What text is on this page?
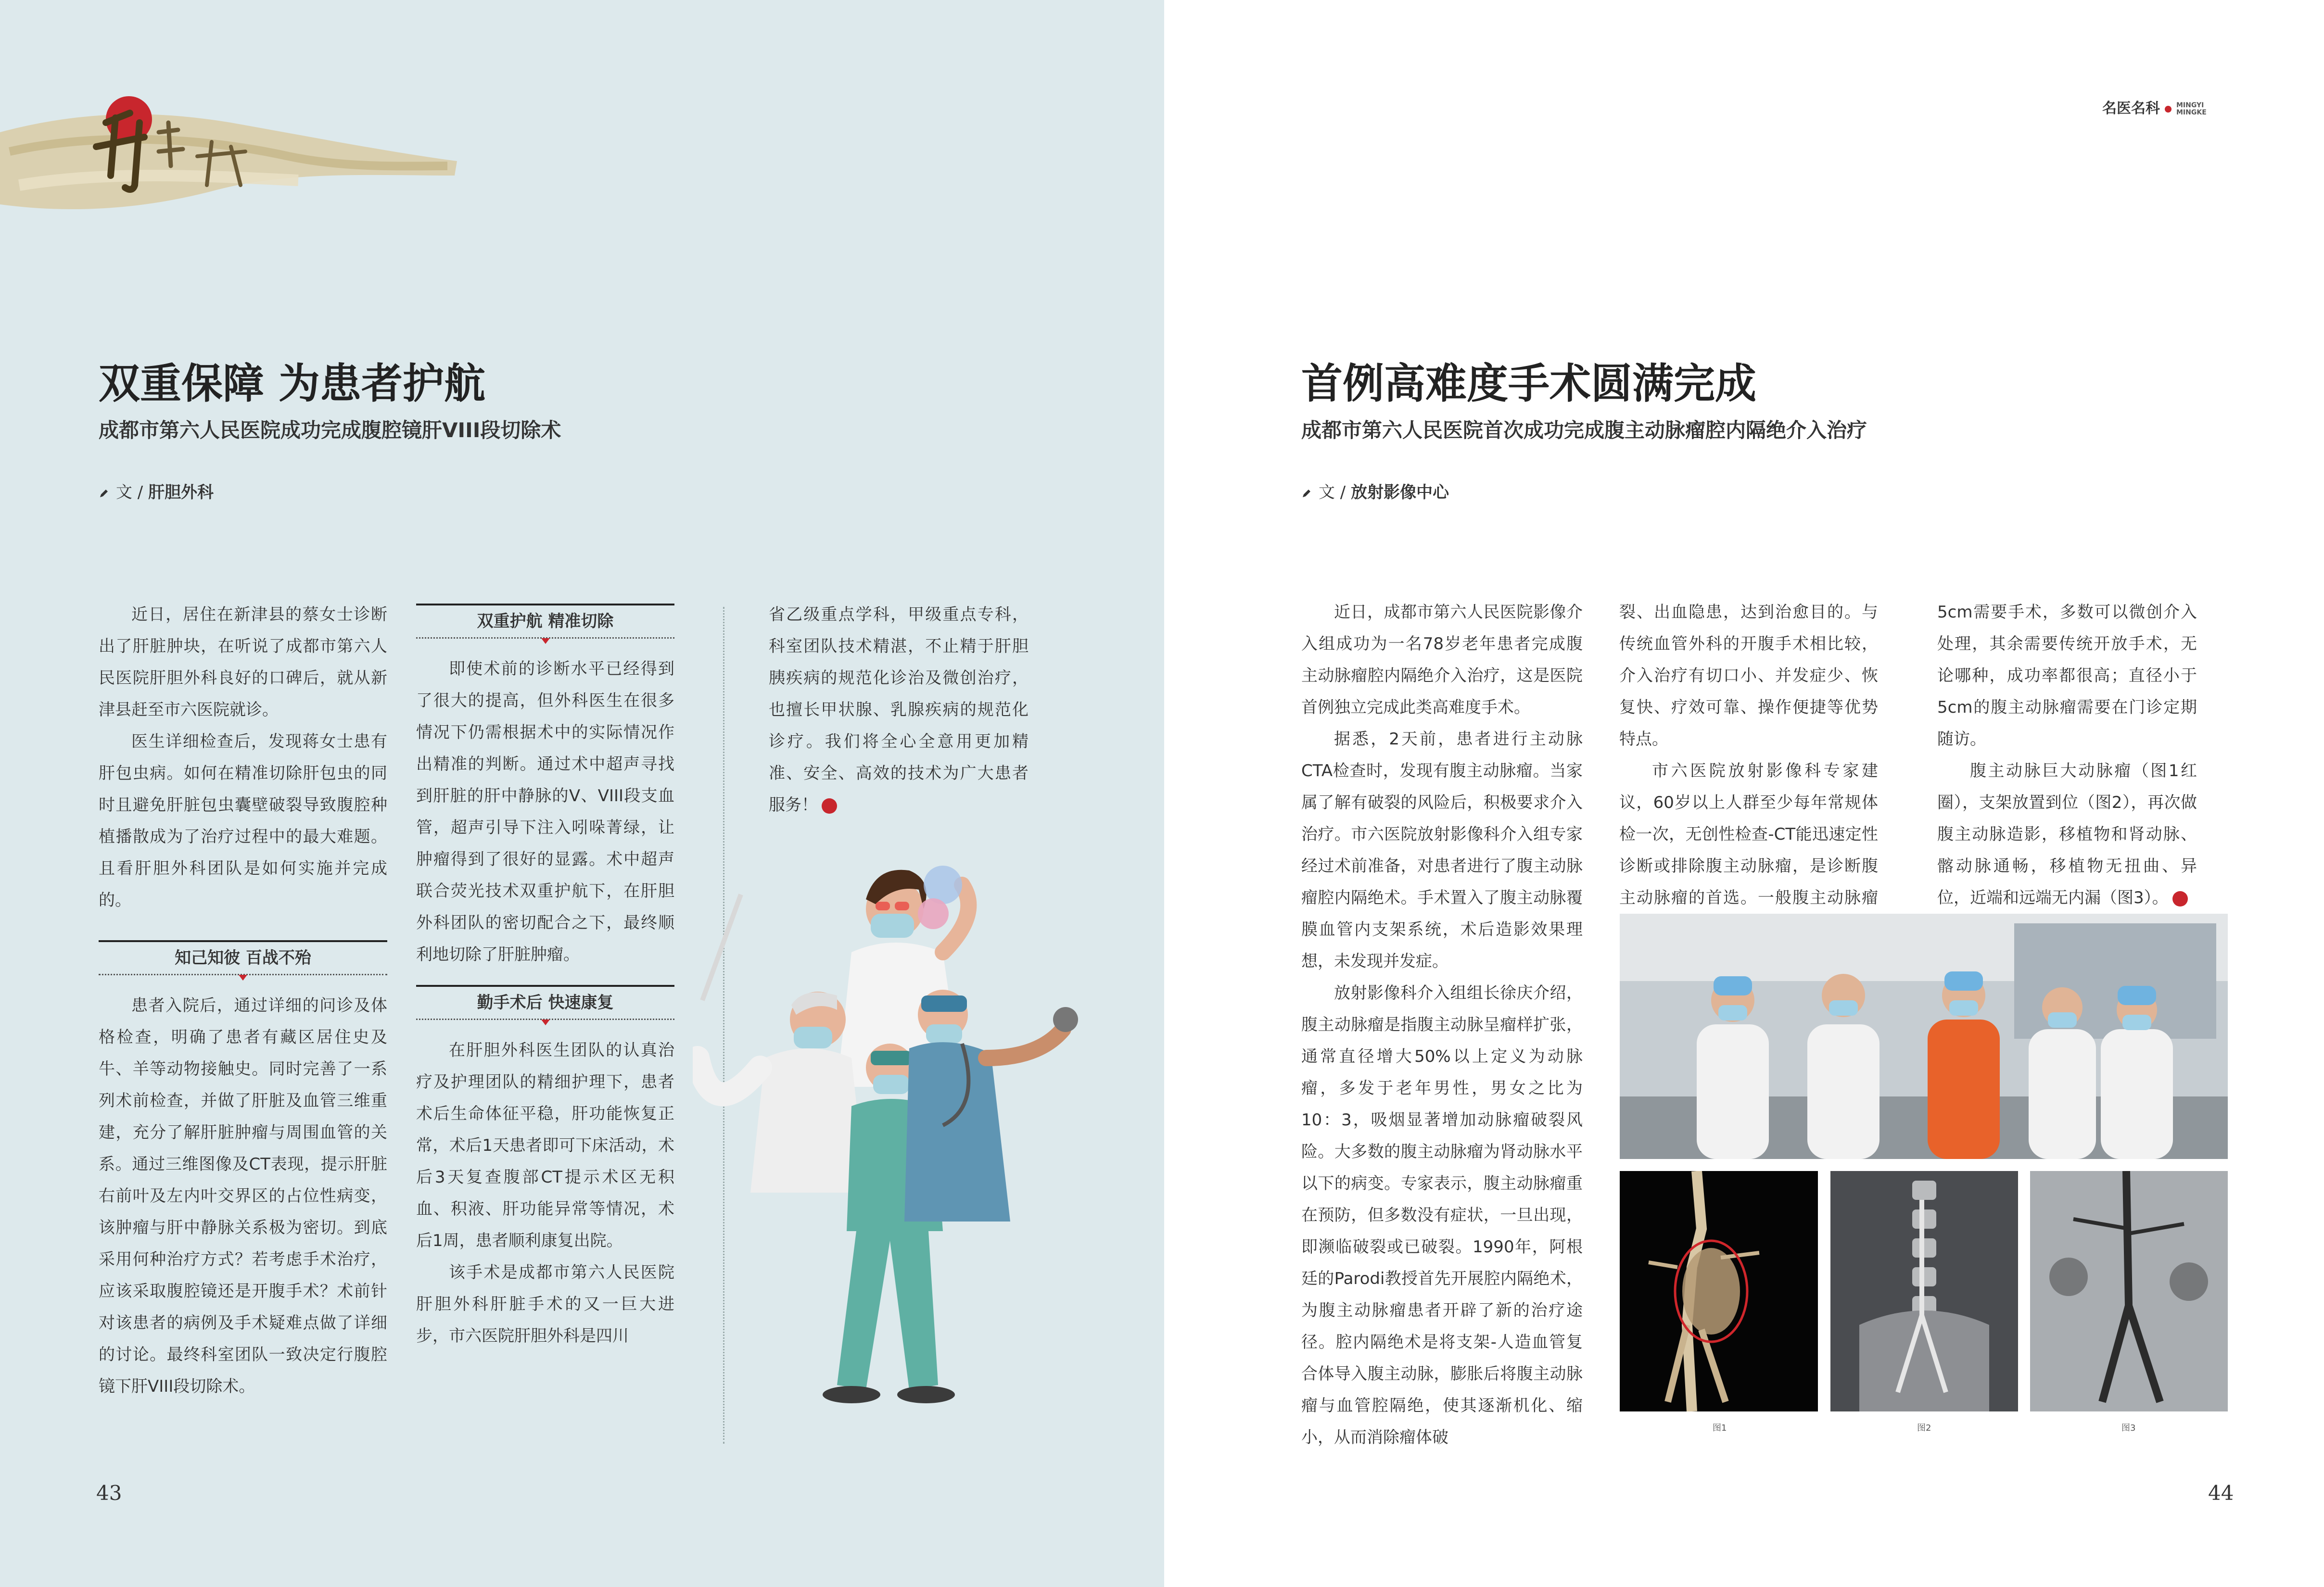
双重保障 为患者护航
成都市第六人民医院成功完成腹腔镜肝VIII段切除术
文 / 肝胆外科

近日，居住在新津县的蔡女士诊断出了肝脏肿块，在听说了成都市第六人民医院肝胆外科良好的口碑后，就从新津县赶至市六医院就诊。

医生详细检查后，发现蒋女士患有肝包虫病。如何在精准切除肝包虫的同时且避免肝脏包虫囊壁破裂导致腹腔种植播散成为了治疗过程中的最大难题。且看肝胆外科团队是如何实施并完成的。

知己知彼 百战不殆

患者入院后，通过详细的问诊及体格检查，明确了患者有藏区居住史及牛、羊等动物接触史。同时完善了一系列术前检查，并做了肝脏及血管三维重建，充分了解肝脏肿瘤与周围血管的关系。通过三维图像及CT表现，提示肝脏右前叶及左内叶交界区的占位性病变，该肿瘤与肝中静脉关系极为密切。到底采用何种治疗方式？若考虑手术治疗，应该采取腹腔镜还是开腹手术？术前针对该患者的病例及手术疑难点做了详细的讨论。最终科室团队一致决定行腹腔镜下肝VIII段切除术。

双重护航 精准切除

即使术前的诊断水平已经得到了很大的提高，但外科医生在很多情况下仍需根据术中的实际情况作出精准的判断。通过术中超声寻找到肝脏的肝中静脉的V、VIII段支血管，超声引导下注入吲哚菁绿，让肿瘤得到了很好的显露。术中超声联合荧光技术双重护航下，在肝胆外科团队的密切配合之下，最终顺利地切除了肝脏肿瘤。

勤手术后 快速康复

在肝胆外科医生团队的认真治疗及护理团队的精细护理下，患者术后生命体征平稳，肝功能恢复正常，术后1天患者即可下床活动，术后3天复查腹部CT提示术区无积血、积液、肝功能异常等情况，术后1周，患者顺利康复出院。

该手术是成都市第六人民医院肝胆外科肝脏手术的又一巨大进步，市六医院肝胆外科是四川

省乙级重点学科，甲级重点专科，科室团队技术精湛，不止精于肝胆胰疾病的规范化诊治及微创治疗，也擅长甲状腺、乳腺疾病的规范化诊疗。我们将全心全意用更加精准、安全、高效的技术为广大患者服务！

43
名医名科 MINGYI
MINGKE
首例高难度手术圆满完成
成都市第六人民医院首次成功完成腹主动脉瘤腔内隔绝介入治疗
文 / 放射影像中心

近日，成都市第六人民医院影像介入组成功为一名78岁老年患者完成腹主动脉瘤腔内隔绝介入治疗，这是医院首例独立完成此类高难度手术。

据悉，2天前，患者进行主动脉CTA检查时，发现有腹主动脉瘤。当家属了解有破裂的风险后，积极要求介入治疗。市六医院放射影像科介入组专家经过术前准备，对患者进行了腹主动脉瘤腔内隔绝术。手术置入了腹主动脉覆膜血管内支架系统，术后造影效果理想，未发现并发症。

放射影像科介入组组长徐庆介绍，腹主动脉瘤是指腹主动脉呈瘤样扩张，通常直径增大50%以上定义为动脉瘤，多发于老年男性，男女之比为10：3，吸烟显著增加动脉瘤破裂风险。大多数的腹主动脉瘤为肾动脉水平以下的病变。专家表示，腹主动脉瘤重在预防，但多数没有症状，一旦出现，即濒临破裂或已破裂。1990年，阿根廷的Parodi教授首先开展腔内隔绝术，为腹主动脉瘤患者开辟了新的治疗途径。腔内隔绝术是将支架-人造血管复合体导入腹主动脉，膨胀后将腹主动脉瘤与血管腔隔绝，使其逐渐机化、缩小，从而消除瘤体破

裂、出血隐患，达到治愈目的。与传统血管外科的开腹手术相比较，介入治疗有切口小、并发症少、恢复快、疗效可靠、操作便捷等优势特点。

市六医院放射影像科专家建议，60岁以上人群至少每年常规体检一次，无创性检查-CT能迅速定性诊断或排除腹主动脉瘤，是诊断腹主动脉瘤的首选。一般腹主动脉瘤

5cm需要手术，多数可以微创介入处理，其余需要传统开放手术，无论哪种，成功率都很高；直径小于5cm的腹主动脉瘤需要在门诊定期随访。

腹主动脉巨大动脉瘤（图1红圈），支架放置到位（图2），再次做腹主动脉造影，移植物和肾动脉、髂动脉通畅，移植物无扭曲、异位，近端和远端无内漏（图3）。

图1	图2	图3
44
